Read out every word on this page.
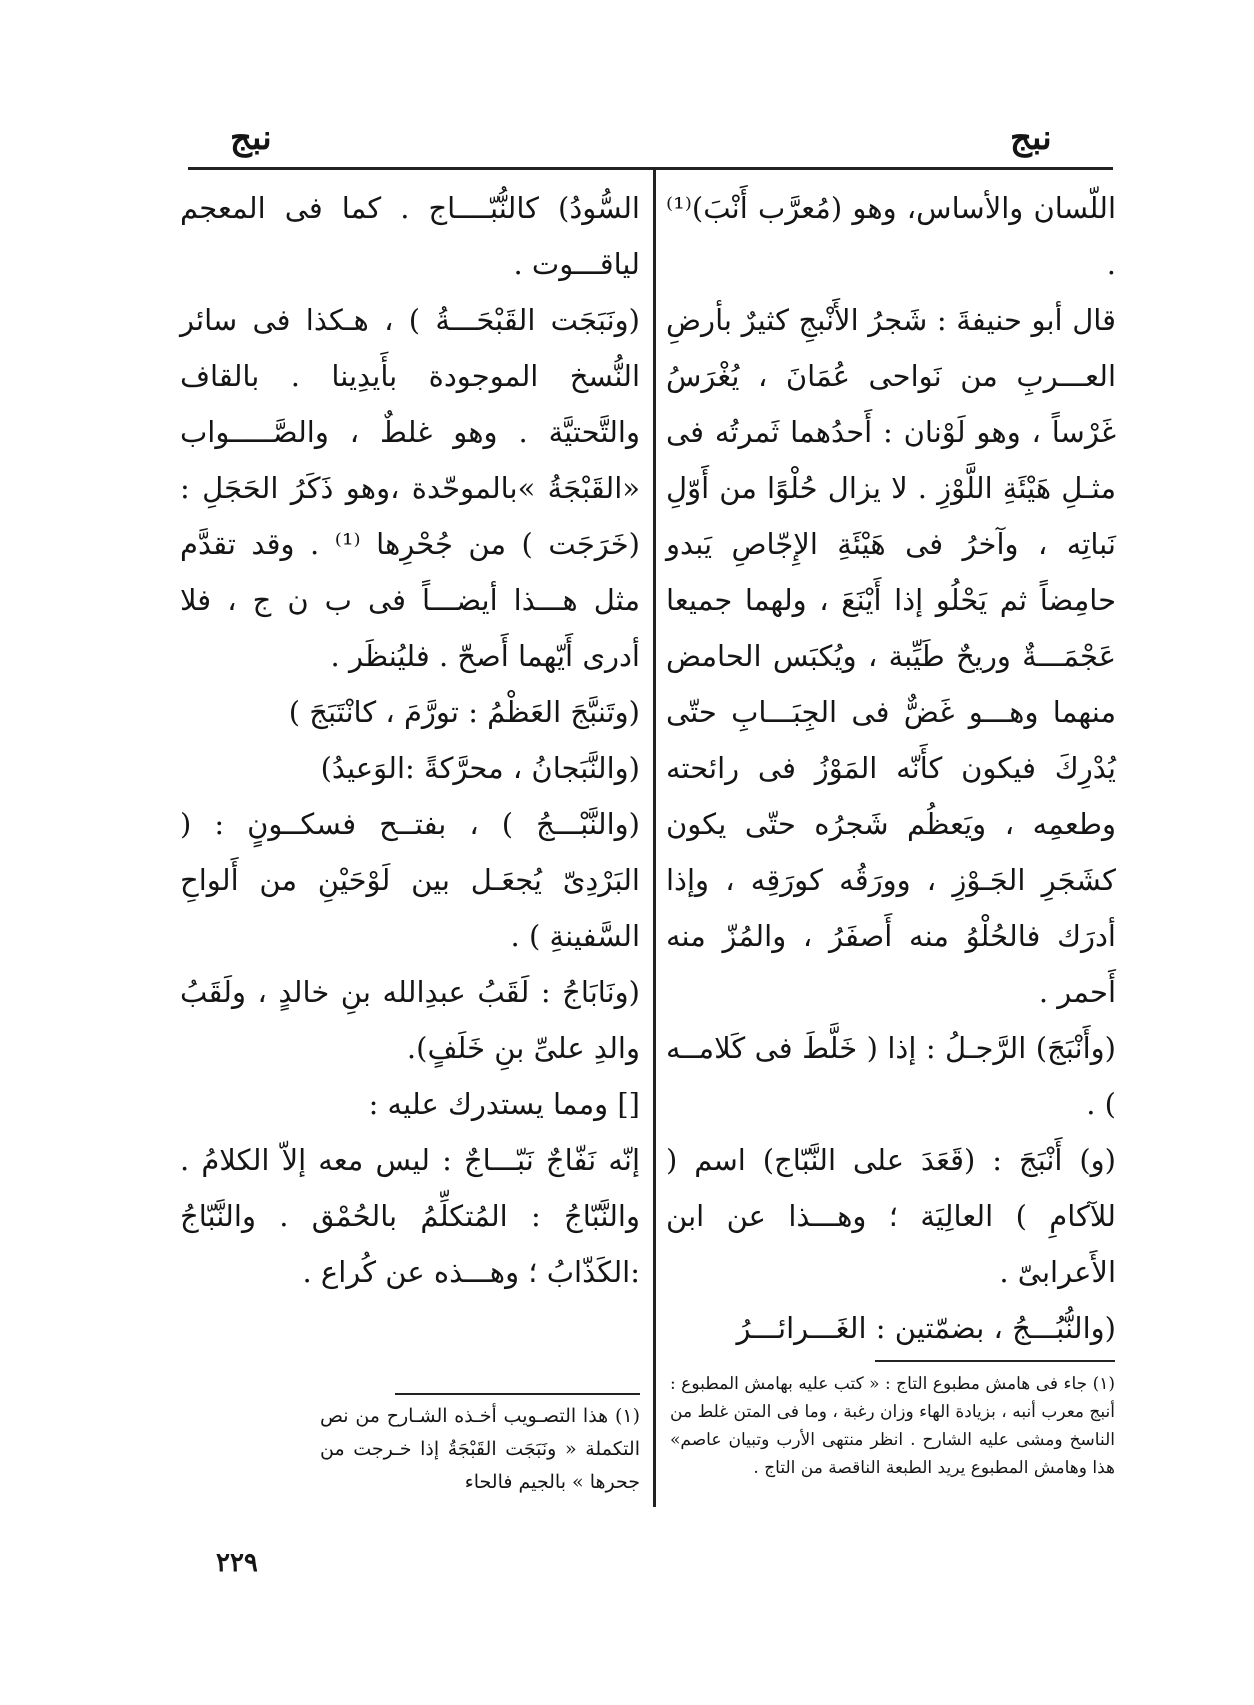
نبج	نبج

اللّسان والأساس، وهو (مُعرَّب أَنْبَ)⁽¹⁾ .

قال أبو حنيفةَ : شَجرُ الأَنْبجِ كثيرٌ بأرضِ العـــربِ من نَواحى عُمَانَ ، يُغْرَسُ غَرْساً ، وهو لَوْنان : أَحدُهما ثَمرتُه فى مثـلِ هَيْئَةِ اللَّوْزِ . لا يزال حُلْوًا من أَوّلِ نَباتِه ، وآخرُ فى هَيْئَةِ الإِجّاصِ يَبدو حامِضاً ثم يَحْلُو إذا أَيْنَعَ ، ولهما جميعا عَجْمَـــةٌ وريحٌ طَيِّبة ، ويُكبَس الحامض منهما وهـــو غَضٌّ فى الجِبَـــابِ حتّى يُدْرِكَ فيكون كأَنّه المَوْزُ فى رائحته وطعمِه ، ويَعظُم شَجرُه حتّى يكون كشَجَرِ الجَـوْزِ ، وورَقُه كورَقِه ، وإذا أدرَك فالحُلْوُ منه أَصفَرُ ، والمُزّ منه أَحمر .

(وأَنْبَجَ) الرَّجـلُ : إذا ( خَلَّطَ فى كَلامــه ) .

(و) أَنْبَجَ : (قَعَدَ على النَّبّاج) اسم ( للآكامِ ) العالِيَة ؛ وهـــذا عن ابن الأَعرابىّ .

(والنُّبُـــجُ ، بضمّتين : الغَـــرائـــرُ

السُّودُ) كالنُّبّــــاج . كما فى المعجم لياقـــوت .

(ونَبَجَت القَبْحَـــةُ ) ، هـكذا فى سائر النُّسخ الموجودة بأَيدِينا . بالقاف والتَّحتيَّة . وهو غلطٌ ، والصَّـــــواب «القَبْجَةُ »بالموحّدة ،وهو ذَكَرُ الحَجَلِ : (خَرَجَت ) من جُحْرِها ⁽¹⁾ . وقد تقدَّم مثل هـــذا أيضـــاً فى ب ن ج ، فلا أدرى أَيّهما أَصحّ . فليُنظَر .

(وتَنبَّجَ العَظْمُ : تورَّمَ ، كانْتَبَجَ )

(والنَّبَجانُ ، محرَّكةً :الوَعيدُ)

(والنَّبْـــجُ ) ، بفتــح فسكــونٍ : ( البَرْدِىّ يُجعَـل بين لَوْحَيْنِ من أَلواحِ السَّفينةِ ) .

(ونَابَاجُ : لَقَبُ عبدِالله بنِ خالدٍ ، ولَقَبُ والدِ علىِّ بنِ خَلَفٍ).

[] ومما يستدرك عليه :

إنّه نَفّاجٌ نَبّـــاجٌ : ليس معه إلاّ الكلامُ . والنَّبّاجُ : المُتكلِّمُ بالحُمْق . والنَّبّاجُ :الكَذّابُ ؛ وهـــذه عن كُراع .

(١) جاء فى هامش مطبوع التاج : « كتب عليه بهامش المطبوع : أنبج معرب أنبه ، بزيادة الهاء وزان رغبة ، وما فى المتن غلط من الناسخ ومشى عليه الشارح . انظر منتهى الأرب وتبيان عاصم» هذا وهامش المطبوع يريد الطبعة الناقصة من التاج .
(١) هذا التصـويب أخـذه الشـارح من نص التكملة « ونَبَجَت القَبْجَةُ إذا خـرجت من جحرها » بالجيم فالحاء
٢٢٩
